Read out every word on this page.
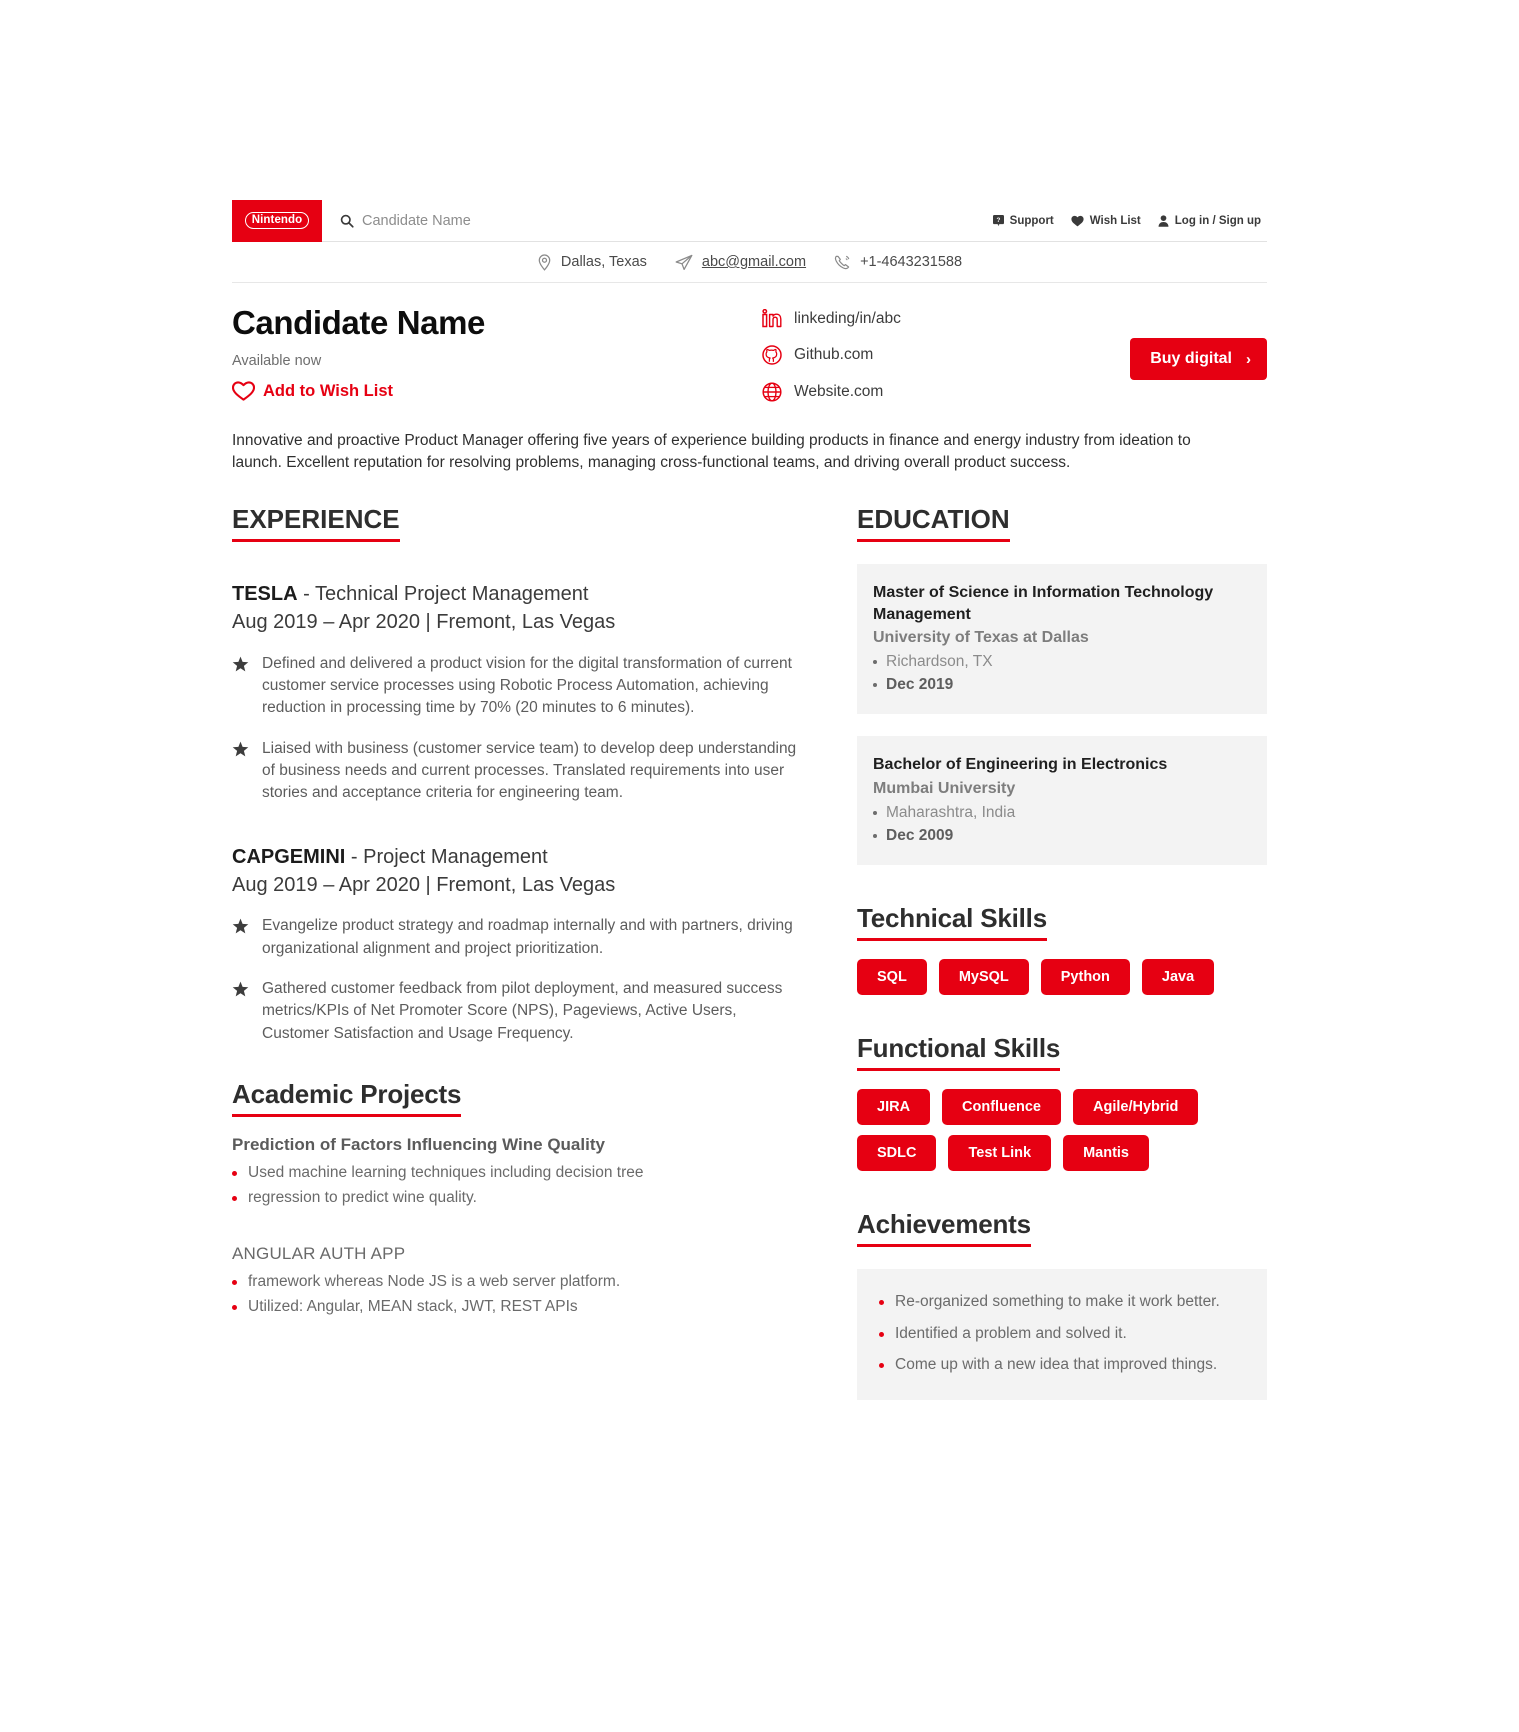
Nintendo	Candidate Name	? Support	Wish List	Log in / Sign up
Dallas, Texas	abc@gmail.com	+1-4643231588
Candidate Name
Available now
Add to Wish List
linkeding/in/abc
Github.com
Website.com
Buy digital ›
Innovative and proactive Product Manager offering five years of experience building products in finance and energy industry from ideation to launch. Excellent reputation for resolving problems, managing cross-functional teams, and driving overall product success.
EXPERIENCE
TESLA - Technical Project Management
Aug 2019 – Apr 2020 | Fremont, Las Vegas
Defined and delivered a product vision for the digital transformation of current customer service processes using Robotic Process Automation, achieving reduction in processing time by 70% (20 minutes to 6 minutes).
Liaised with business (customer service team) to develop deep understanding of business needs and current processes. Translated requirements into user stories and acceptance criteria for engineering team.
CAPGEMINI - Project Management
Aug 2019 – Apr 2020 | Fremont, Las Vegas
Evangelize product strategy and roadmap internally and with partners, driving organizational alignment and project prioritization.
Gathered customer feedback from pilot deployment, and measured success metrics/KPIs of Net Promoter Score (NPS), Pageviews, Active Users, Customer Satisfaction and Usage Frequency.
Academic Projects
Prediction of Factors Influencing Wine Quality
Used machine learning techniques including decision tree
regression to predict wine quality.
ANGULAR AUTH APP
framework whereas Node JS is a web server platform.
Utilized: Angular, MEAN stack, JWT, REST APIs
EDUCATION
Master of Science in Information Technology Management
University of Texas at Dallas
Richardson, TX
Dec 2019
Bachelor of Engineering in Electronics
Mumbai University
Maharashtra, India
Dec 2009
Technical Skills
SQL	MySQL	Python	Java
Functional Skills
JIRA	Confluence	Agile/Hybrid
SDLC	Test Link	Mantis
Achievements
Re-organized something to make it work better.
Identified a problem and solved it.
Come up with a new idea that improved things.
